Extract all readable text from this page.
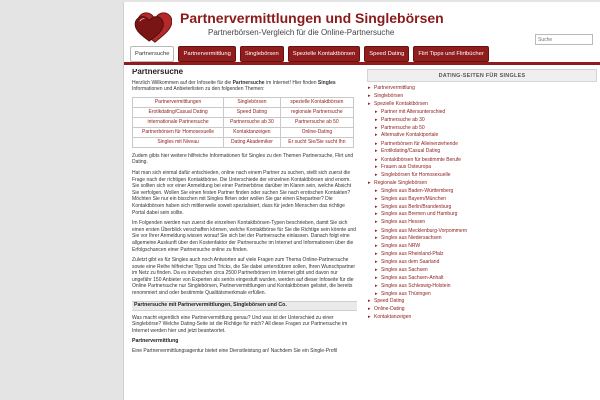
Partnervermittlungen und Singlebörsen
Partnerbörsen-Vergleich für die Online-Partnersuche
Suche
Partnersuche	Partnervermittlung	Singlebörsen	Spezielle Kontaktbörsen	Speed Dating	Flirt Tipps und Flirtbücher
Partnersuche

Herzlich Willkommen auf der Infoseite für die Partnersuche im Internet! Hier finden Singles Informationen und Anbieterlisten zu den folgenden Themen:

Partnervermittlungen	Singlebörsen	spezielle Kontaktbörsen
Erotikdating/Casual Dating	Speed Dating	regionale Partnersuche
internationale Partnersuche	Partnersuche ab 30	Partnersuche ab 50
Partnerbörsen für Homosexuelle	Kontaktanzeigen	Online-Dating
Singles mit Niveau	Dating Akademiker	Er sucht Sie/Sie sucht Ihn

Zudem gibts hier weitere hilfreiche Informationen für Singles zu den Themen Partnersuche, Flirt und Dating.

Hat man sich einmal dafür entschieden, online nach einem Partner zu suchen, stellt sich zuerst die Frage nach der richtigen Kontaktbörse. Die Unterschiede der einzelnen Kontaktbörsen sind enorm. Sie sollten sich vor einer Anmeldung bei einer Partnerbörse darüber im Klaren sein, welche Absicht Sie verfolgen. Wollen Sie einen festen Partner finden oder suchen Sie nach erotischen Kontakten? Möchten Sie nur ein bisschen mit Singles flirten oder wollen Sie gar einen Ehepartner? Die Kontaktbörsen haben sich mittlerweile soweit spezialisiert, dass für jeden Menschen das richtige Portal dabei sein sollte.

Im Folgenden werden nun zuerst die einzelnen Kontaktbörsen-Typen beschrieben, damit Sie sich einen ersten Überblick verschaffen können, welche Kontaktbörse für Sie die Richtige sein könnte und Sie vor Ihrer Anmeldung wissen worauf Sie sich bei der Partnersuche einlassen. Danach folgt eine allgemeine Auskunft über den Kostenfaktor der Partnersuche im Internet und Informationen über die Erfolgschancen einer Partnersuche online zu finden.

Zuletzt gibt es für Singles auch noch Antworten auf viele Fragen zum Thema Online-Partnersuche sowie eine Reihe hilfreicher Tipps und Tricks, die Sie dabei unterstützen sollen, Ihren Wunschpartner im Netz zu finden. Da es inzwischen circa 2500 Partnerbörsen im Internet gibt und davon nur ungefähr 150 Anbieter von Experten als seriös eingestuft wurden, werden auf dieser Infoseite für die Online Partnersuche nur Singlebörsen, Partnervermittlungen und Kontaktbörsen gelistet, die bereits renommiert sind oder bestimmte Qualitätsmerkmale erfüllen.

Partnersuche mit Partnervermittlungen, Singlebörsen und Co.

Was macht eigentlich eine Partnervermittlung genau? Und was ist der Unterschied zu einer Singlebörse? Welche Dating-Seite ist die Richtige für mich? All diese Fragen zur Partnersuche im Internet werden hier und jetzt beantwortet.

Partnervermittlung

Eine Partnervermittlungsagentur bietet eine Dienstleistung an! Nachdem Sie ein Single-Profil

DATING-SEITEN FÜR SINGLES
▸ Partnervermittlung
▸ Singlebörsen
▸ Spezielle Kontaktbörsen
▸ Partner mit Altersunterschied
▸ Partnersuche ab 30
▸ Partnersuche ab 50
▸ Alternative Kontaktportale
▸ Partnerbörsen für Alleinerziehende
▸ Erotikdating/Casual Dating
▸ Kontaktbörsen für bestimmte Berufe
▸ Frauen aus Osteuropa
▸ Singlebörsen für Homosexuelle
▸ Regionale Singlebörsen
▸ Singles aus Baden-Württemberg
▸ Singles aus Bayern/München
▸ Singles aus Berlin/Brandenburg
▸ Singles aus Bremen und Hamburg
▸ Singles aus Hessen
▸ Singles aus Mecklenburg-Vorpommern
▸ Singles aus Niedersachsen
▸ Singles aus NRW
▸ Singles aus Rheinland-Pfalz
▸ Singles aus dem Saarland
▸ Singles aus Sachsen
▸ Singles aus Sachsen-Anhalt
▸ Singles aus Schleswig-Holstein
▸ Singles aus Thüringen
▸ Speed Dating
▸ Online-Dating
▸ Kontaktanzeigen
